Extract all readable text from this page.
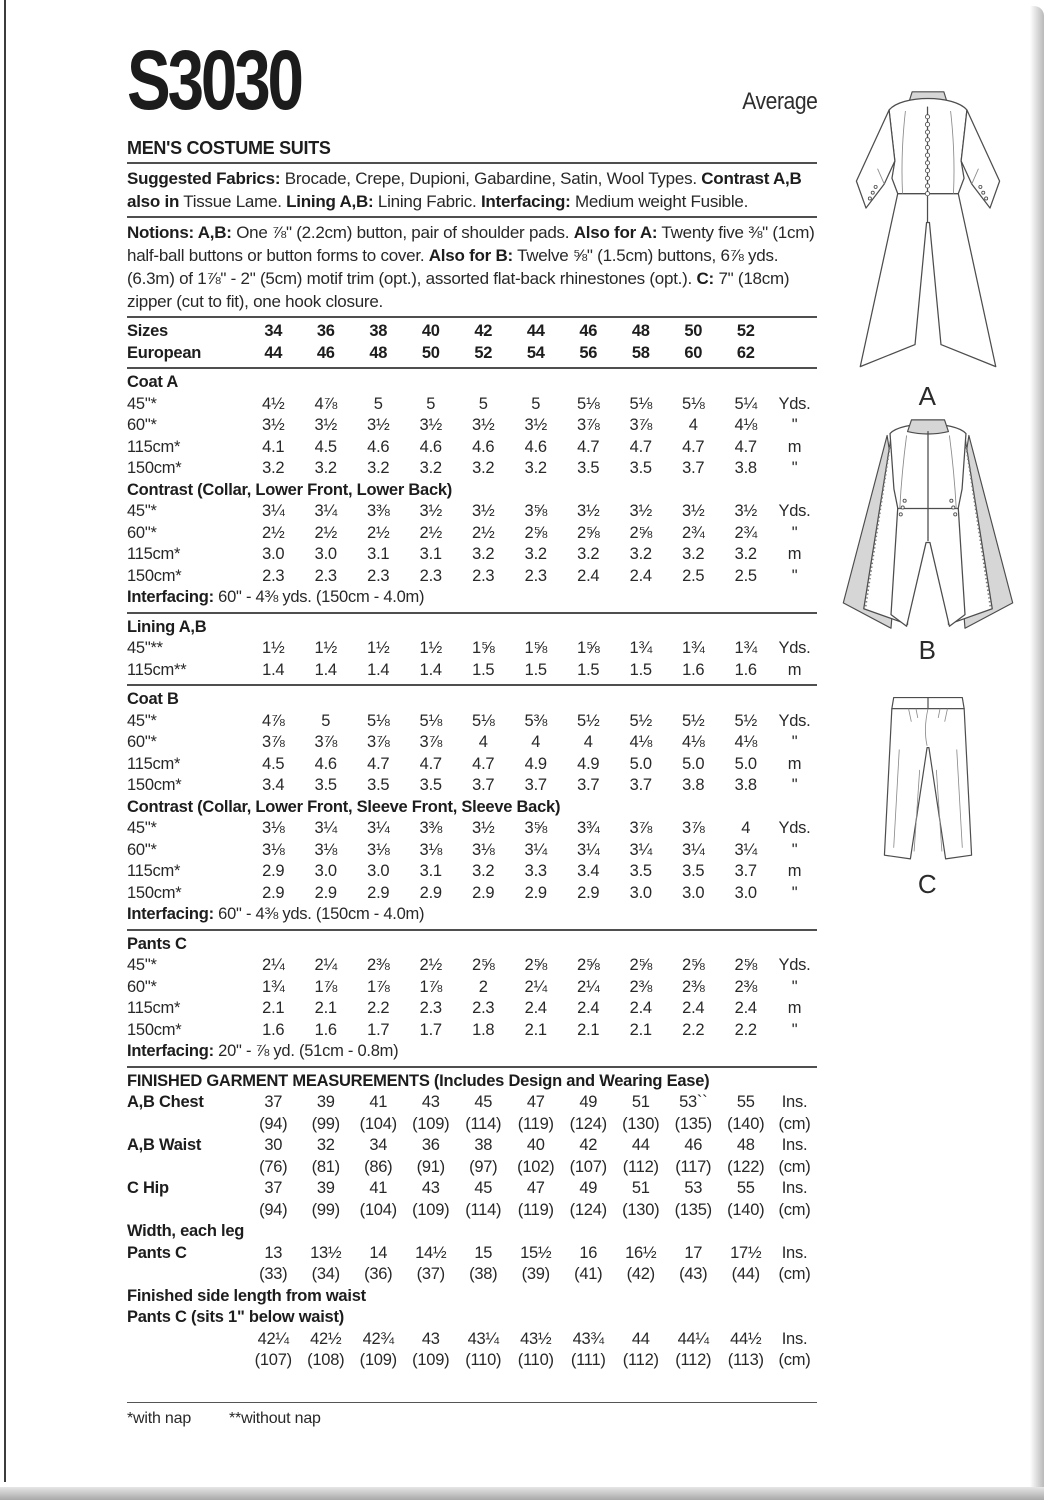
S3030	Average
MEN'S COSTUME SUITS

Suggested Fabrics: Brocade, Crepe, Dupioni, Gabardine, Satin, Wool Types. Contrast A,B also in Tissue Lame. Lining A,B: Lining Fabric. Interfacing: Medium weight Fusible.

Notions: A,B: One ⅞" (2.2cm) button, pair of shoulder pads. Also for A: Twenty five ⅜" (1cm) half-ball buttons or button forms to cover. Also for B: Twelve ⅝" (1.5cm) buttons, 6⅞ yds. (6.3m) of 1⅞" - 2" (5cm) motif trim (opt.), assorted flat-back rhinestones (opt.). C: 7" (18cm) zipper (cut to fit), one hook closure.

Sizes	34	36	38	40	42	44	46	48	50	52
European	44	46	48	50	52	54	56	58	60	62
Coat A
45"*	4½	4⅞	5	5	5	5	5⅛	5⅛	5⅛	5¼	Yds.
60"*	3½	3½	3½	3½	3½	3½	3⅞	3⅞	4	4⅛	"
115cm*	4.1	4.5	4.6	4.6	4.6	4.6	4.7	4.7	4.7	4.7	m
150cm*	3.2	3.2	3.2	3.2	3.2	3.2	3.5	3.5	3.7	3.8	"
Contrast (Collar, Lower Front, Lower Back)
45"*	3¼	3¼	3⅜	3½	3½	3⅝	3½	3½	3½	3½	Yds.
60"*	2½	2½	2½	2½	2½	2⅝	2⅝	2⅝	2¾	2¾	"
115cm*	3.0	3.0	3.1	3.1	3.2	3.2	3.2	3.2	3.2	3.2	m
150cm*	2.3	2.3	2.3	2.3	2.3	2.3	2.4	2.4	2.5	2.5	"
Interfacing: 60" - 4⅜ yds. (150cm - 4.0m)
Lining A,B
45"**	1½	1½	1½	1½	1⅝	1⅝	1⅝	1¾	1¾	1¾	Yds.
115cm**	1.4	1.4	1.4	1.4	1.5	1.5	1.5	1.5	1.6	1.6	m
Coat B
45"*	4⅞	5	5⅛	5⅛	5⅛	5⅜	5½	5½	5½	5½	Yds.
60"*	3⅞	3⅞	3⅞	3⅞	4	4	4	4⅛	4⅛	4⅛	"
115cm*	4.5	4.6	4.7	4.7	4.7	4.9	4.9	5.0	5.0	5.0	m
150cm*	3.4	3.5	3.5	3.5	3.7	3.7	3.7	3.7	3.8	3.8	"
Contrast (Collar, Lower Front, Sleeve Front, Sleeve Back)
45"*	3⅛	3¼	3¼	3⅜	3½	3⅝	3¾	3⅞	3⅞	4	Yds.
60"*	3⅛	3⅛	3⅛	3⅛	3⅛	3¼	3¼	3¼	3¼	3¼	"
115cm*	2.9	3.0	3.0	3.1	3.2	3.3	3.4	3.5	3.5	3.7	m
150cm*	2.9	2.9	2.9	2.9	2.9	2.9	2.9	3.0	3.0	3.0	"
Interfacing: 60" - 4⅜ yds. (150cm - 4.0m)
Pants C
45"*	2¼	2¼	2⅜	2½	2⅝	2⅝	2⅝	2⅝	2⅝	2⅝	Yds.
60"*	1¾	1⅞	1⅞	1⅞	2	2¼	2¼	2⅜	2⅜	2⅜	"
115cm*	2.1	2.1	2.2	2.3	2.3	2.4	2.4	2.4	2.4	2.4	m
150cm*	1.6	1.6	1.7	1.7	1.8	2.1	2.1	2.1	2.2	2.2	"
Interfacing: 20" - ⅞ yd. (51cm - 0.8m)
FINISHED GARMENT MEASUREMENTS (Includes Design and Wearing Ease)
A,B Chest	37	39	41	43	45	47	49	51	53``	55	Ins.
(94)	(99)	(104) (109) (114) (119) (124) (130) (135) (140) (cm)
A,B Waist	30	32	34	36	38	40	42	44	46	48	Ins.
(76)	(81)	(86)	(91)	(97)	(102) (107) (112) (117) (122) (cm)
C Hip	37	39	41	43	45	47	49	51	53	55	Ins.
(94)	(99)	(104) (109) (114) (119) (124) (130) (135) (140) (cm)
Width, each leg
Pants C	13	13½	14	14½	15	15½	16	16½	17	17½	Ins.
(33)	(34)	(36)	(37)	(38)	(39)	(41)	(42)	(43)	(44)	(cm)
Finished side length from waist
Pants C (sits 1" below waist)
42¼	42½	42¾	43	43¼	43½	43¾	44	44¼	44½	Ins.
(107) (108) (109) (109) (110) (110)	(111)	(112) (112) (113) (cm)
*with nap **without nap
A
B
C
